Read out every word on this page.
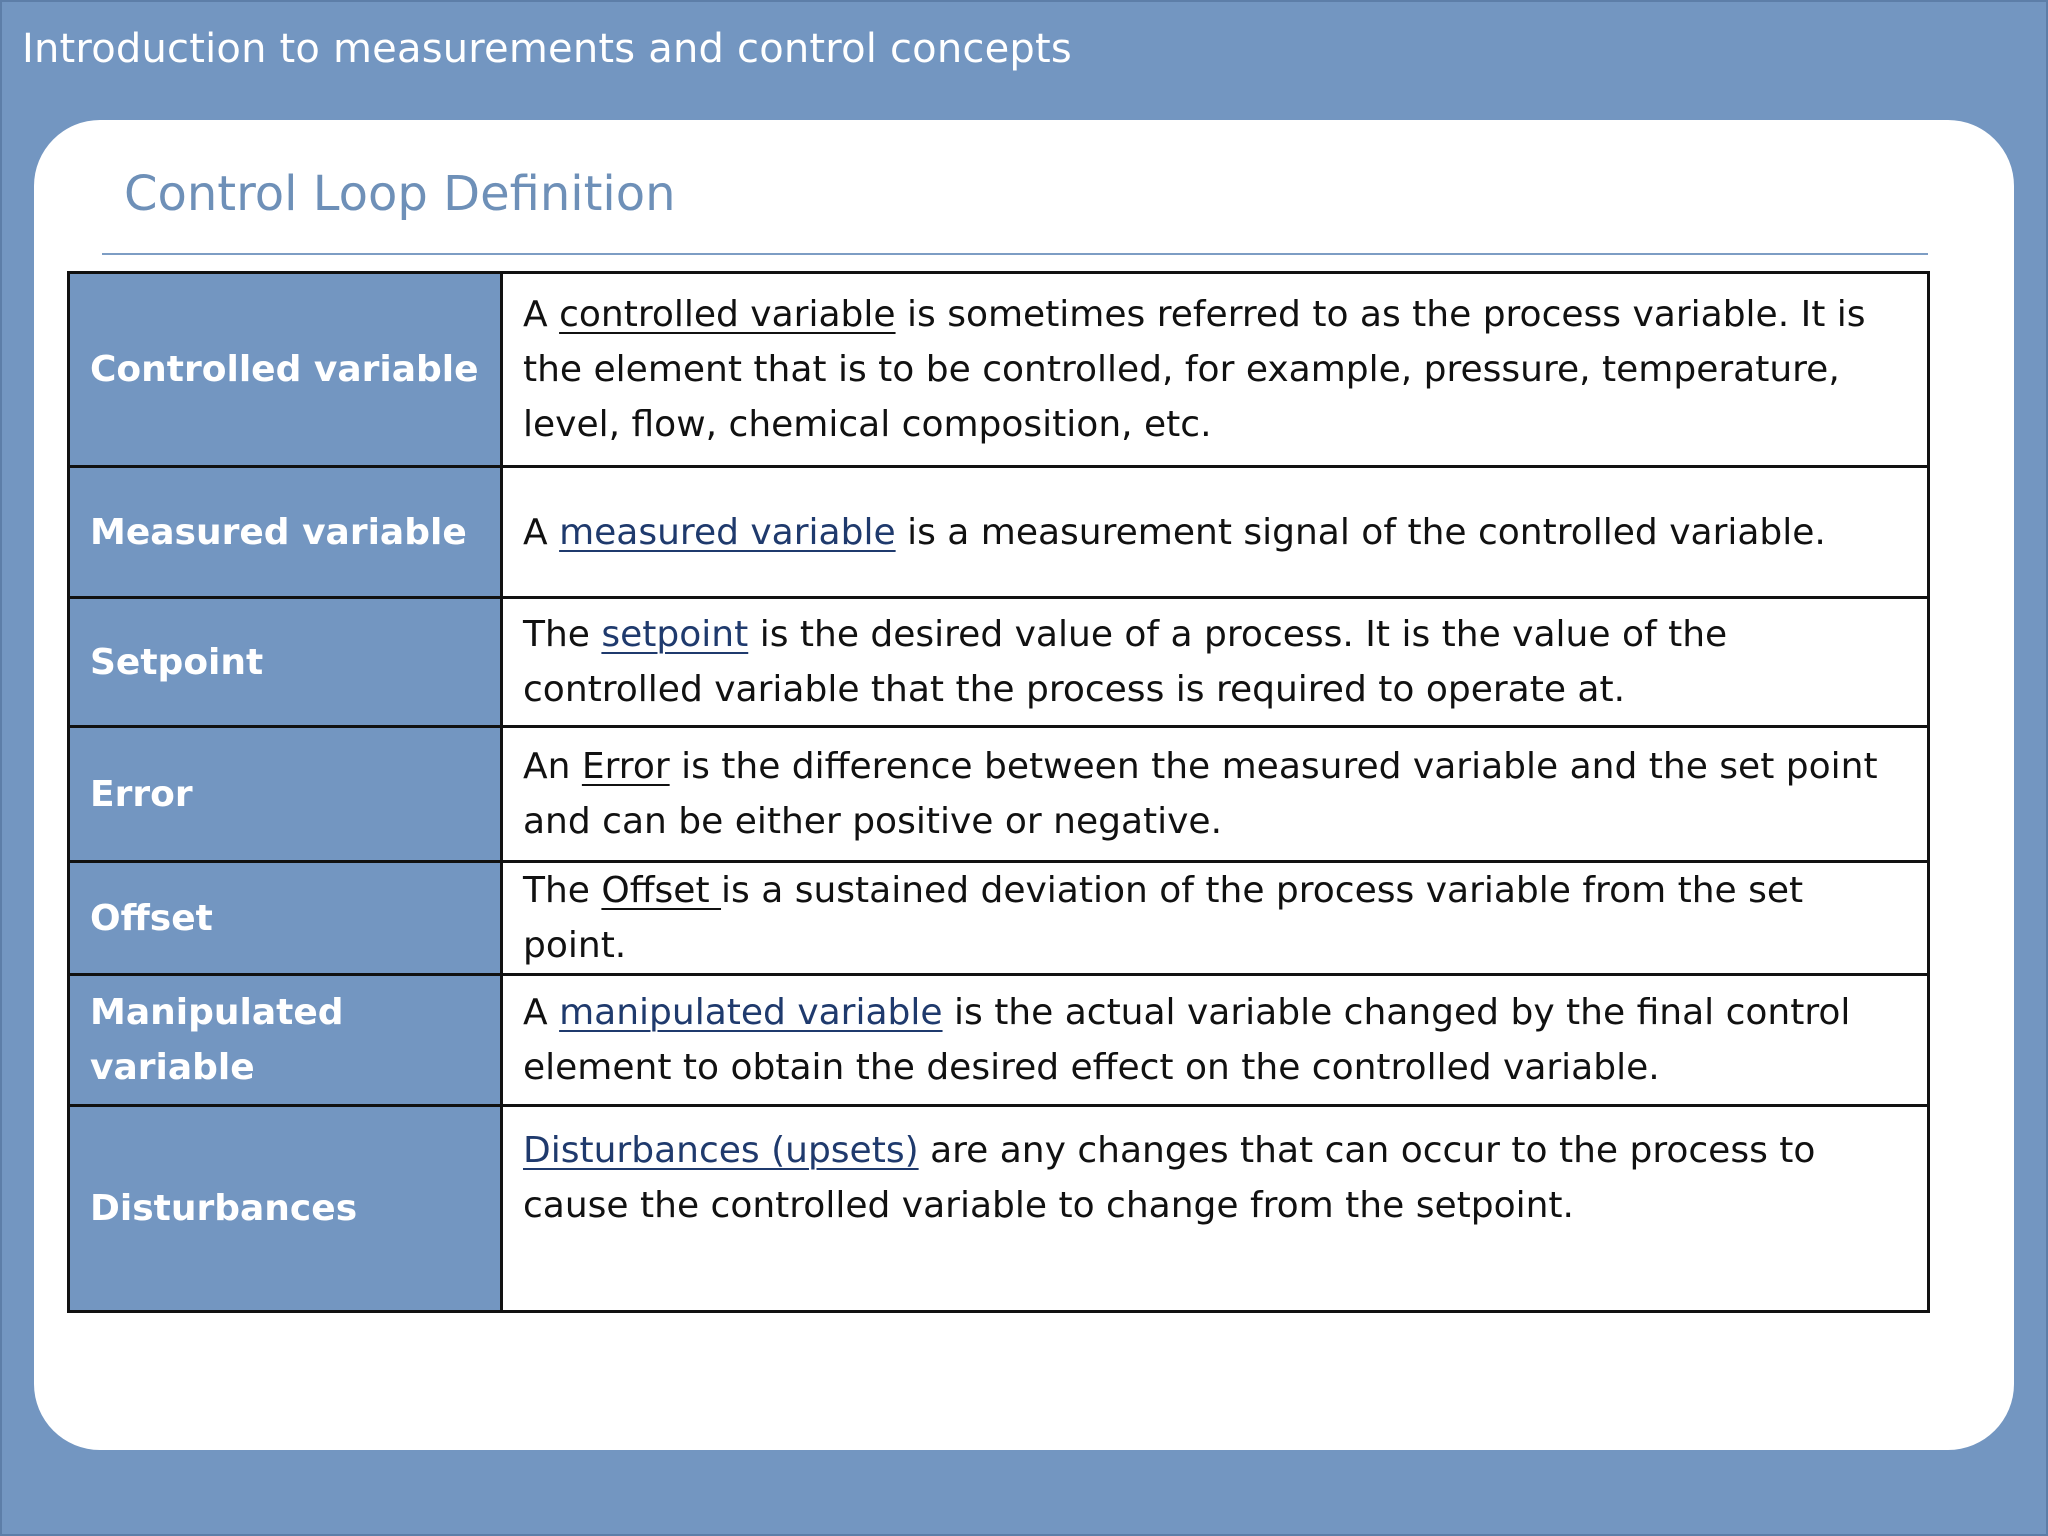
Introduction to measurements and control concepts
Control Loop Definition
Controlled variable	A controlled variable is sometimes referred to as the process variable. It is the element that is to be controlled, for example, pressure, temperature, level, flow, chemical composition, etc.
Measured variable	A measured variable is a measurement signal of the controlled variable.
Setpoint	The setpoint is the desired value of a process. It is the value of the controlled variable that the process is required to operate at.
Error	An Error is the difference between the measured variable and the set point and can be either positive or negative.
Offset	The Offset is a sustained deviation of the process variable from the set point.
Manipulated variable	A manipulated variable is the actual variable changed by the final control element to obtain the desired effect on the controlled variable.
Disturbances	Disturbances (upsets) are any changes that can occur to the process to cause the controlled variable to change from the setpoint.
